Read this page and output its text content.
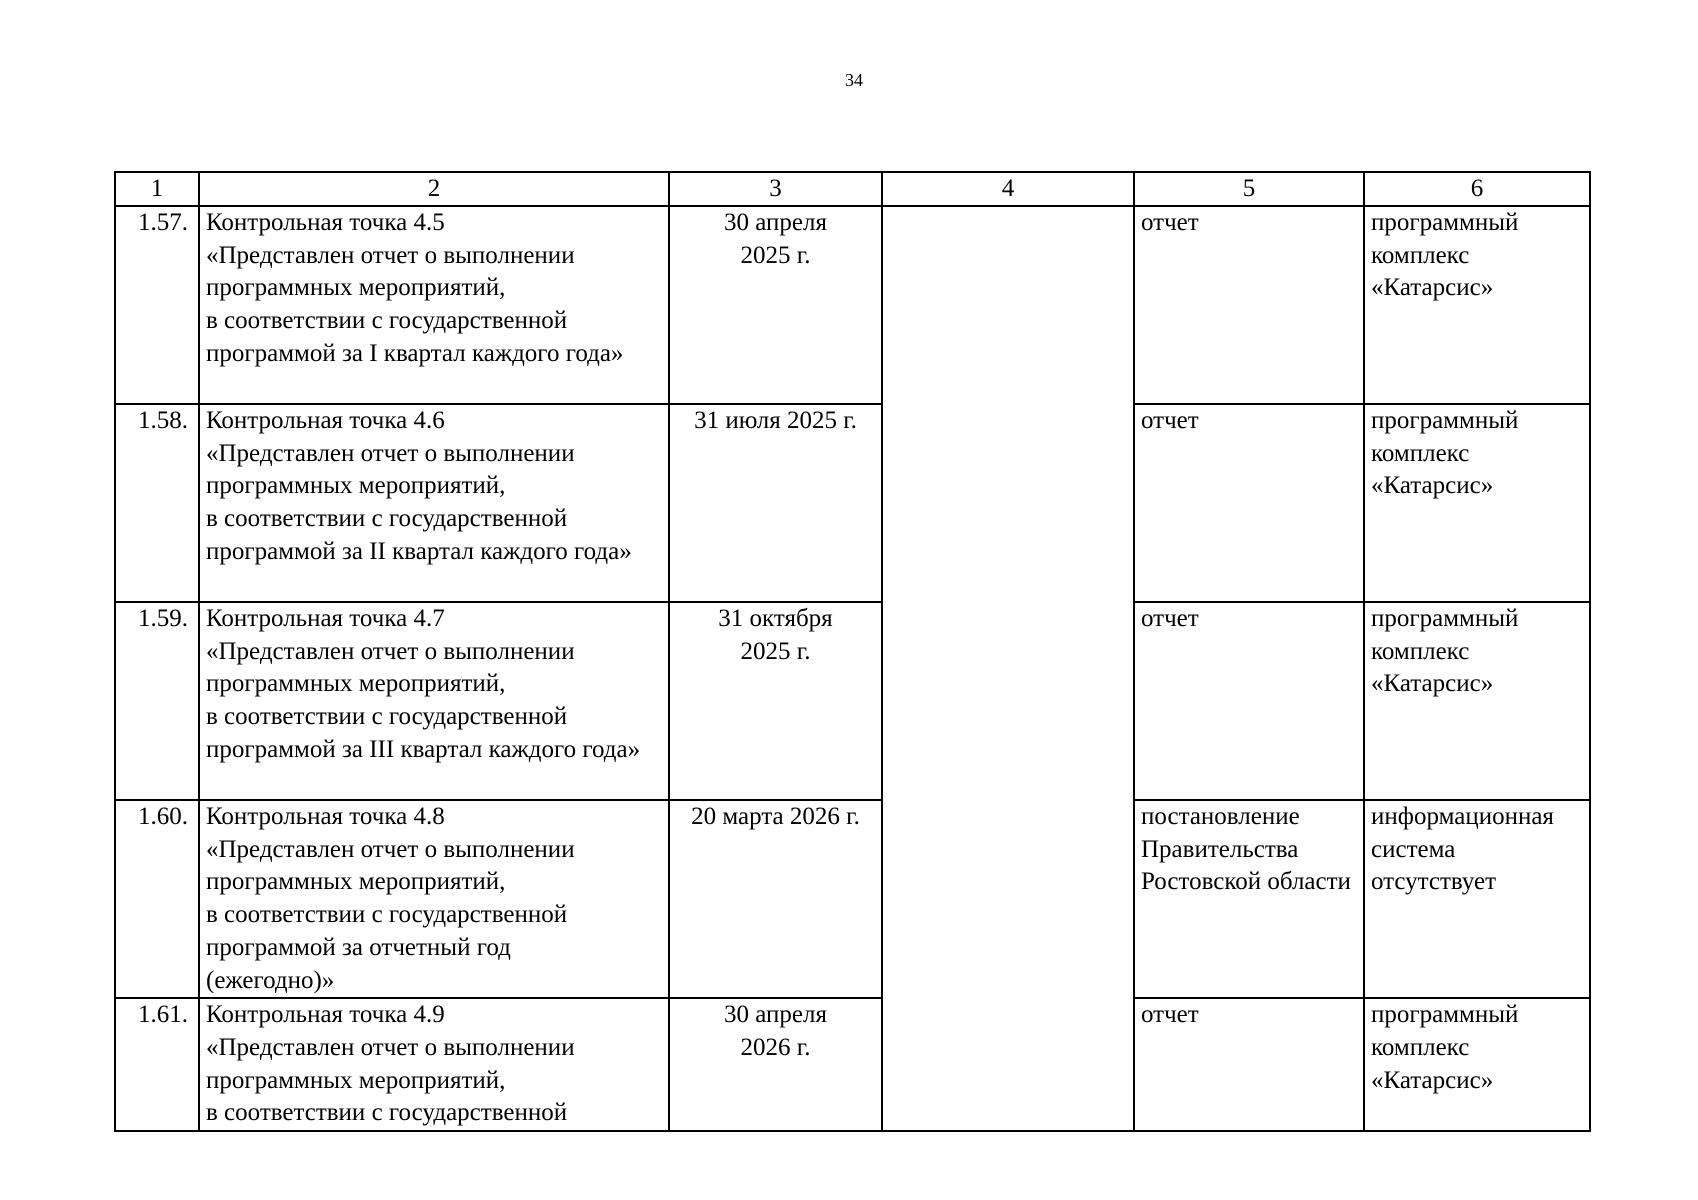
34
1	2	3	4	5	6
1.57.	Контрольная точка 4.5
«Представлен отчет о выполнении программных мероприятий,
в соответствии с государственной программой за I квартал каждого года»	30 апреля
2025 г.		отчет	программный комплекс
«Катарсис»
1.58.	Контрольная точка 4.6
«Представлен отчет о выполнении программных мероприятий,
в соответствии с государственной программой за II квартал каждого года»	31 июля 2025 г.		отчет	программный комплекс
«Катарсис»
1.59.	Контрольная точка 4.7
«Представлен отчет о выполнении программных мероприятий,
в соответствии с государственной программой за III квартал каждого года»	31 октября
2025 г.		отчет	программный комплекс
«Катарсис»
1.60.	Контрольная точка 4.8
«Представлен отчет о выполнении программных мероприятий,
в соответствии с государственной программой за отчетный год
(ежегодно)»	20 марта 2026 г.		постановление Правительства Ростовской области	информационная система отсутствует
1.61.	Контрольная точка 4.9
«Представлен отчет о выполнении программных мероприятий,
в соответствии с государственной	30 апреля
2026 г.		отчет	программный комплекс
«Катарсис»
